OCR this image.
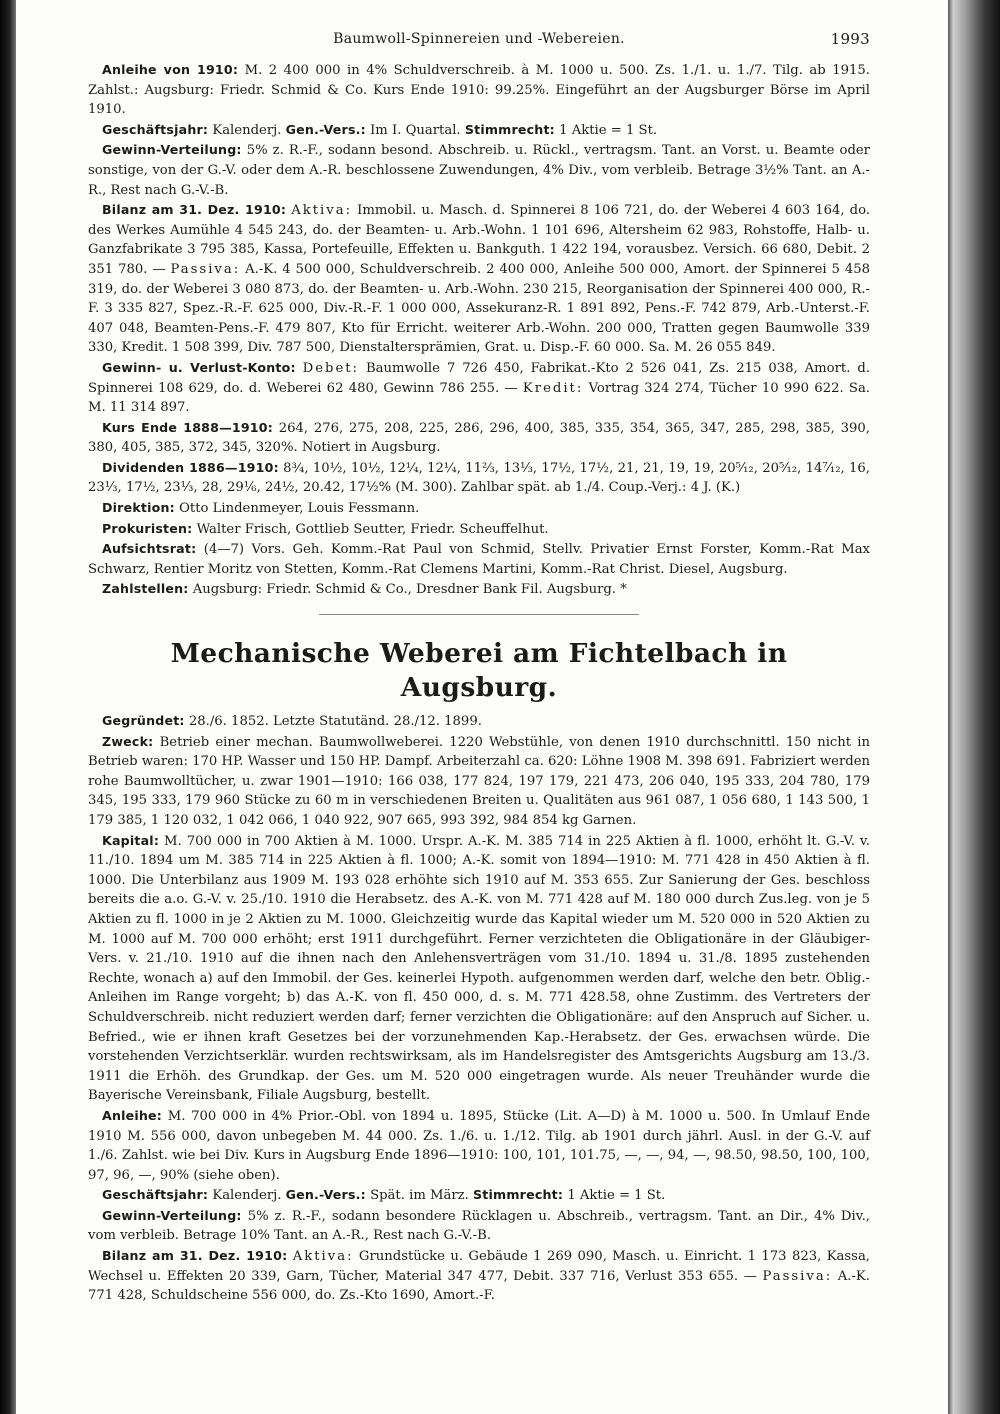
Baumwoll-Spinnereien und -Webereien.	1993

Anleihe von 1910: M. 2 400 000 in 4% Schuldverschreib. à M. 1000 u. 500. Zs. 1./1. u. 1./7. Tilg. ab 1915. Zahlst.: Augsburg: Friedr. Schmid & Co. Kurs Ende 1910: 99.25%. Eingeführt an der Augsburger Börse im April 1910.

Geschäftsjahr: Kalenderj. Gen.-Vers.: Im I. Quartal. Stimmrecht: 1 Aktie = 1 St.

Gewinn-Verteilung: 5% z. R.-F., sodann besond. Abschreib. u. Rückl., vertragsm. Tant. an Vorst. u. Beamte oder sonstige, von der G.-V. oder dem A.-R. beschlossene Zuwendungen, 4% Div., vom verbleib. Betrage 3½% Tant. an A.-R., Rest nach G.-V.-B.

Bilanz am 31. Dez. 1910: Aktiva: Immobil. u. Masch. d. Spinnerei 8 106 721, do. der Weberei 4 603 164, do. des Werkes Aumühle 4 545 243, do. der Beamten- u. Arb.-Wohn. 1 101 696, Altersheim 62 983, Rohstoffe, Halb- u. Ganzfabrikate 3 795 385, Kassa, Portefeuille, Effekten u. Bankguth. 1 422 194, vorausbez. Versich. 66 680, Debit. 2 351 780. — Passiva: A.-K. 4 500 000, Schuldverschreib. 2 400 000, Anleihe 500 000, Amort. der Spinnerei 5 458 319, do. der Weberei 3 080 873, do. der Beamten- u. Arb.-Wohn. 230 215, Reorganisation der Spinnerei 400 000, R.-F. 3 335 827, Spez.-R.-F. 625 000, Div.-R.-F. 1 000 000, Assekuranz-R. 1 891 892, Pens.-F. 742 879, Arb.-Unterst.-F. 407 048, Beamten-Pens.-F. 479 807, Kto für Erricht. weiterer Arb.-Wohn. 200 000, Tratten gegen Baumwolle 339 330, Kredit. 1 508 399, Div. 787 500, Dienstaltersprämien, Grat. u. Disp.-F. 60 000. Sa. M. 26 055 849.

Gewinn- u. Verlust-Konto: Debet: Baumwolle 7 726 450, Fabrikat.-Kto 2 526 041, Zs. 215 038, Amort. d. Spinnerei 108 629, do. d. Weberei 62 480, Gewinn 786 255. — Kredit: Vortrag 324 274, Tücher 10 990 622. Sa. M. 11 314 897.

Kurs Ende 1888—1910: 264, 276, 275, 208, 225, 286, 296, 400, 385, 335, 354, 365, 347, 285, 298, 385, 390, 380, 405, 385, 372, 345, 320%. Notiert in Augsburg.

Dividenden 1886—1910: 8¾, 10½, 10½, 12¼, 12¼, 11⅔, 13⅓, 17½, 17½, 21, 21, 19, 19, 20⁵⁄₁₂, 20⁵⁄₁₂, 14⁷⁄₁₂, 16, 23⅓, 17½, 23⅓, 28, 29⅙, 24½, 20.42, 17½% (M. 300). Zahlbar spät. ab 1./4. Coup.-Verj.: 4 J. (K.)

Direktion: Otto Lindenmeyer, Louis Fessmann.

Prokuristen: Walter Frisch, Gottlieb Seutter, Friedr. Scheuffelhut.

Aufsichtsrat: (4—7) Vors. Geh. Komm.-Rat Paul von Schmid, Stellv. Privatier Ernst Forster, Komm.-Rat Max Schwarz, Rentier Moritz von Stetten, Komm.-Rat Clemens Martini, Komm.-Rat Christ. Diesel, Augsburg.

Zahlstellen: Augsburg: Friedr. Schmid & Co., Dresdner Bank Fil. Augsburg. *

Mechanische Weberei am Fichtelbach in Augsburg.

Gegründet: 28./6. 1852. Letzte Statutänd. 28./12. 1899.

Zweck: Betrieb einer mechan. Baumwollweberei. 1220 Webstühle, von denen 1910 durchschnittl. 150 nicht in Betrieb waren: 170 HP. Wasser und 150 HP. Dampf. Arbeiterzahl ca. 620: Löhne 1908 M. 398 691. Fabriziert werden rohe Baumwolltücher, u. zwar 1901—1910: 166 038, 177 824, 197 179, 221 473, 206 040, 195 333, 204 780, 179 345, 195 333, 179 960 Stücke zu 60 m in verschiedenen Breiten u. Qualitäten aus 961 087, 1 056 680, 1 143 500, 1 179 385, 1 120 032, 1 042 066, 1 040 922, 907 665, 993 392, 984 854 kg Garnen.

Kapital: M. 700 000 in 700 Aktien à M. 1000. Urspr. A.-K. M. 385 714 in 225 Aktien à fl. 1000, erhöht lt. G.-V. v. 11./10. 1894 um M. 385 714 in 225 Aktien à fl. 1000; A.-K. somit von 1894—1910: M. 771 428 in 450 Aktien à fl. 1000. Die Unterbilanz aus 1909 M. 193 028 erhöhte sich 1910 auf M. 353 655. Zur Sanierung der Ges. beschloss bereits die a.o. G.-V. v. 25./10. 1910 die Herabsetz. des A.-K. von M. 771 428 auf M. 180 000 durch Zus.leg. von je 5 Aktien zu fl. 1000 in je 2 Aktien zu M. 1000. Gleichzeitig wurde das Kapital wieder um M. 520 000 in 520 Aktien zu M. 1000 auf M. 700 000 erhöht; erst 1911 durchgeführt. Ferner verzichteten die Obligationäre in der Gläubiger-Vers. v. 21./10. 1910 auf die ihnen nach den Anlehensverträgen vom 31./10. 1894 u. 31./8. 1895 zustehenden Rechte, wonach a) auf den Immobil. der Ges. keinerlei Hypoth. aufgenommen werden darf, welche den betr. Oblig.-Anleihen im Range vorgeht; b) das A.-K. von fl. 450 000, d. s. M. 771 428.58, ohne Zustimm. des Vertreters der Schuldverschreib. nicht reduziert werden darf; ferner verzichten die Obligationäre: auf den Anspruch auf Sicher. u. Befried., wie er ihnen kraft Gesetzes bei der vorzunehmenden Kap.-Herabsetz. der Ges. erwachsen würde. Die vorstehenden Verzichtserklär. wurden rechtswirksam, als im Handelsregister des Amtsgerichts Augsburg am 13./3. 1911 die Erhöh. des Grundkap. der Ges. um M. 520 000 eingetragen wurde. Als neuer Treuhänder wurde die Bayerische Vereinsbank, Filiale Augsburg, bestellt.

Anleihe: M. 700 000 in 4% Prior.-Obl. von 1894 u. 1895, Stücke (Lit. A—D) à M. 1000 u. 500. In Umlauf Ende 1910 M. 556 000, davon unbegeben M. 44 000. Zs. 1./6. u. 1./12. Tilg. ab 1901 durch jährl. Ausl. in der G.-V. auf 1./6. Zahlst. wie bei Div. Kurs in Augsburg Ende 1896—1910: 100, 101, 101.75, —, —, 94, —, 98.50, 98.50, 100, 100, 97, 96, —, 90% (siehe oben).

Geschäftsjahr: Kalenderj. Gen.-Vers.: Spät. im März. Stimmrecht: 1 Aktie = 1 St.

Gewinn-Verteilung: 5% z. R.-F., sodann besondere Rücklagen u. Abschreib., vertragsm. Tant. an Dir., 4% Div., vom verbleib. Betrage 10% Tant. an A.-R., Rest nach G.-V.-B.

Bilanz am 31. Dez. 1910: Aktiva: Grundstücke u. Gebäude 1 269 090, Masch. u. Einricht. 1 173 823, Kassa, Wechsel u. Effekten 20 339, Garn, Tücher, Material 347 477, Debit. 337 716, Verlust 353 655. — Passiva: A.-K. 771 428, Schuldscheine 556 000, do. Zs.-Kto 1690, Amort.-F.
